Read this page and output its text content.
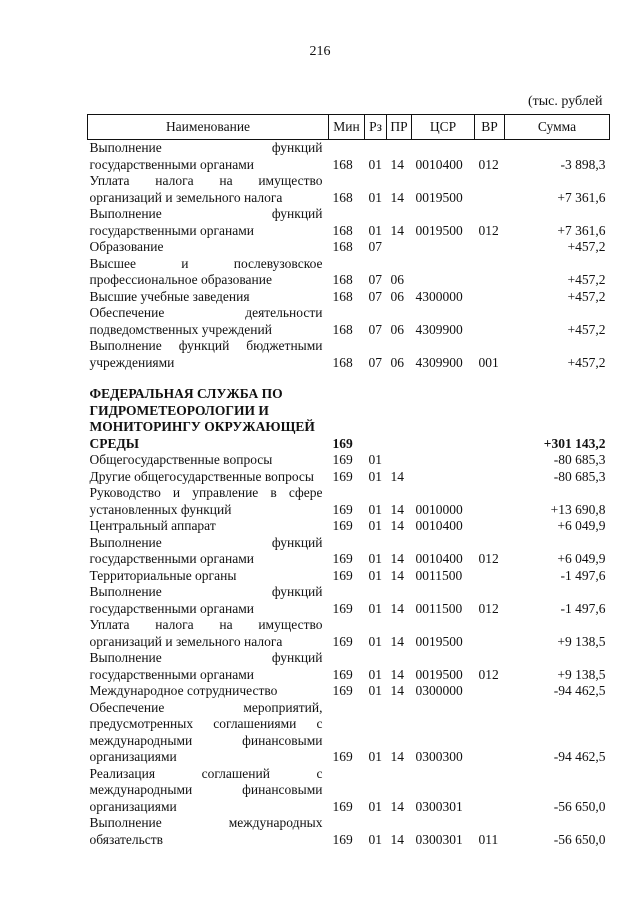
216
(тыс. рублей
Наименование	Мин	Рз	ПР	ЦСР	ВР	Сумма
Выполнение функций государственными органами	168	01	14	0010400	012	-3 898,3
Уплата налога на имущество организаций и земельного налога	168	01	14	0019500		+7 361,6
Выполнение функций государственными органами	168	01	14	0019500	012	+7 361,6
Образование	168	07				+457,2
Высшее и послевузовское профессиональное образование	168	07	06			+457,2
Высшие учебные заведения	168	07	06	4300000		+457,2
Обеспечение деятельности подведомственных учреждений	168	07	06	4309900		+457,2
Выполнение функций бюджетными учреждениями	168	07	06	4309900	001	+457,2
ФЕДЕРАЛЬНАЯ СЛУЖБА ПО ГИДРОМЕТЕОРОЛОГИИ И МОНИТОРИНГУ ОКРУЖАЮЩЕЙ СРЕДЫ	169					+301 143,2
Общегосударственные вопросы	169	01				-80 685,3
Другие общегосударственные вопросы	169	01	14			-80 685,3
Руководство и управление в сфере установленных функций	169	01	14	0010000		+13 690,8
Центральный аппарат	169	01	14	0010400		+6 049,9
Выполнение функций государственными органами	169	01	14	0010400	012	+6 049,9
Территориальные органы	169	01	14	0011500		-1 497,6
Выполнение функций государственными органами	169	01	14	0011500	012	-1 497,6
Уплата налога на имущество организаций и земельного налога	169	01	14	0019500		+9 138,5
Выполнение функций государственными органами	169	01	14	0019500	012	+9 138,5
Международное сотрудничество	169	01	14	0300000		-94 462,5
Обеспечение мероприятий, предусмотренных соглашениями с международными финансовыми организациями	169	01	14	0300300		-94 462,5
Реализация соглашений с международными финансовыми организациями	169	01	14	0300301		-56 650,0
Выполнение международных обязательств	169	01	14	0300301	011	-56 650,0
